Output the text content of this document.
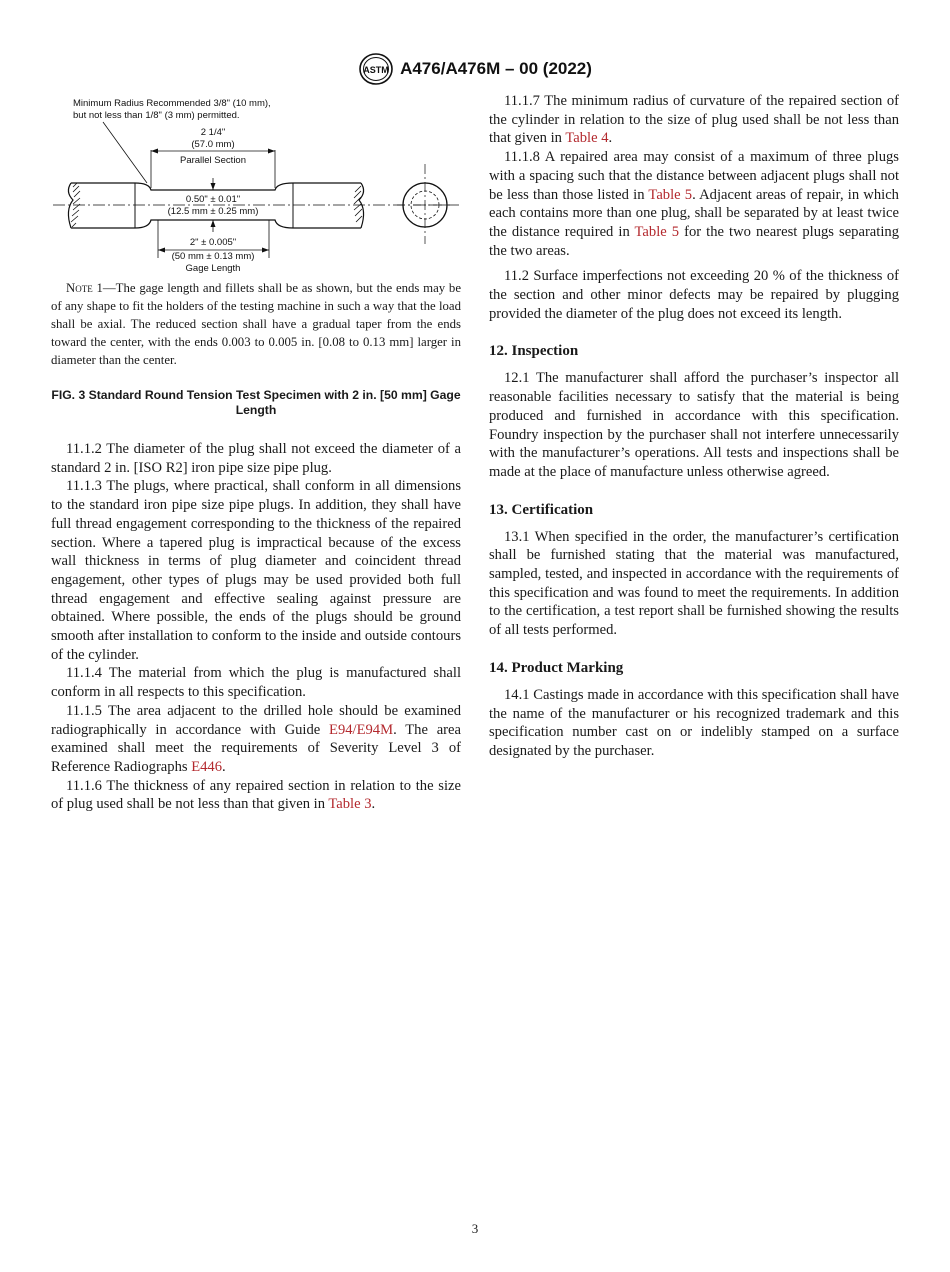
ASTM A476/A476M – 00 (2022)
Minimum Radius Recommended 3/8" (10 mm),
but not less than 1/8" (3 mm) permitted.
2 1/4"
(57.0 mm)
Parallel Section
0.50" ± 0.01"
(12.5 mm ± 0.25 mm)
2" ± 0.005"
(50 mm ± 0.13 mm)
Gage Length
Note 1—The gage length and fillets shall be as shown, but the ends may be of any shape to fit the holders of the testing machine in such a way that the load shall be axial. The reduced section shall have a gradual taper from the ends toward the center, with the ends 0.003 to 0.005 in. [0.08 to 0.13 mm] larger in diameter than the center.
FIG. 3 Standard Round Tension Test Specimen with 2 in. [50 mm] Gage Length

11.1.2 The diameter of the plug shall not exceed the diameter of a standard 2 in. [ISO R2] iron pipe size pipe plug.

11.1.3 The plugs, where practical, shall conform in all dimensions to the standard iron pipe size pipe plugs. In addition, they shall have full thread engagement corresponding to the thickness of the repaired section. Where a tapered plug is impractical because of the excess wall thickness in terms of plug diameter and coincident thread engagement, other types of plugs may be used provided both full thread engagement and effective sealing against pressure are obtained. Where possible, the ends of the plugs should be ground smooth after installation to conform to the inside and outside contours of the cylinder.

11.1.4 The material from which the plug is manufactured shall conform in all respects to this specification.

11.1.5 The area adjacent to the drilled hole should be examined radiographically in accordance with Guide E94/E94M. The area examined shall meet the requirements of Severity Level 3 of Reference Radiographs E446.

11.1.6 The thickness of any repaired section in relation to the size of plug used shall be not less than that given in Table 3.

11.1.7 The minimum radius of curvature of the repaired section of the cylinder in relation to the size of plug used shall be not less than that given in Table 4.

11.1.8 A repaired area may consist of a maximum of three plugs with a spacing such that the distance between adjacent plugs shall not be less than those listed in Table 5. Adjacent areas of repair, in which each contains more than one plug, shall be separated by at least twice the distance required in Table 5 for the two nearest plugs separating the two areas.

11.2 Surface imperfections not exceeding 20 % of the thickness of the section and other minor defects may be repaired by plugging provided the diameter of the plug does not exceed its length.

12. Inspection

12.1 The manufacturer shall afford the purchaser’s inspector all reasonable facilities necessary to satisfy that the material is being produced and furnished in accordance with this specification. Foundry inspection by the purchaser shall not interfere unnecessarily with the manufacturer’s operations. All tests and inspections shall be made at the place of manufacture unless otherwise agreed.

13. Certification

13.1 When specified in the order, the manufacturer’s certification shall be furnished stating that the material was manufactured, sampled, tested, and inspected in accordance with the requirements of this specification and was found to meet the requirements. In addition to the certification, a test report shall be furnished showing the results of all tests performed.

14. Product Marking

14.1 Castings made in accordance with this specification shall have the name of the manufacturer or his recognized trademark and this specification number cast on or indelibly stamped on a surface designated by the purchaser.

3
